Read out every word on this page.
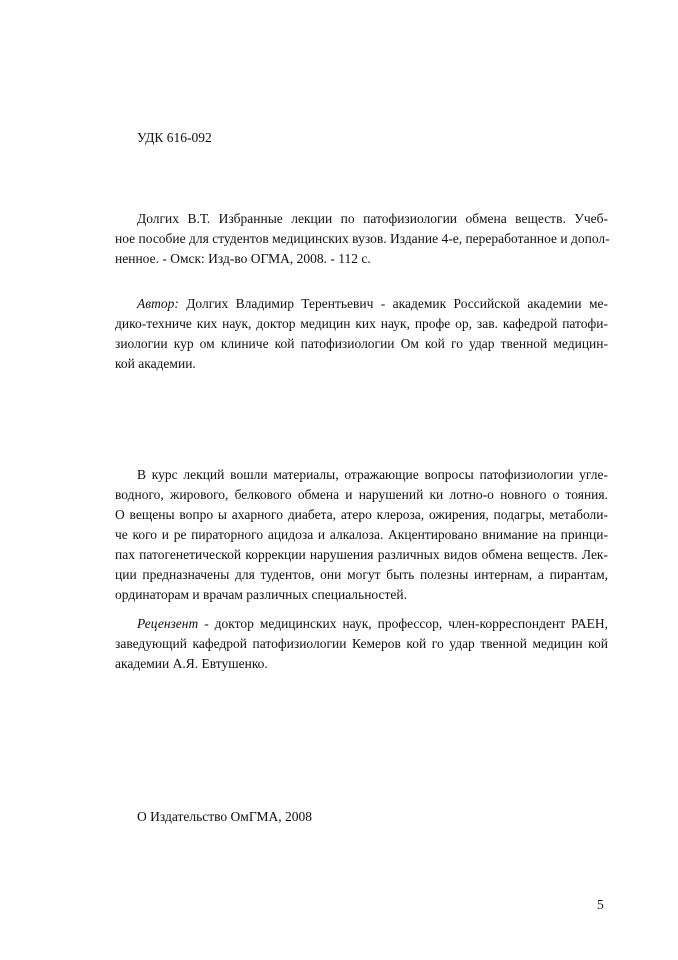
УДК 616-092
Долгих В.Т. Избранные лекции по патофизиологии обмена веществ. Учеб-
ное пособие для студентов медицинских вузов. Издание 4-е, переработанное и допол-
ненное. - Омск: Изд-во ОГМА, 2008. - 112 с.
Автор: Долгих Владимир Терентьевич - академик Российской академии ме-
дико-техниче ких наук, доктор медицин ких наук, профе ор, зав. кафедрой патофи-
зиологии кур ом клиниче кой патофизиологии Ом кой го удар твенной медицин-
кой академии.
В курс лекций вошли материалы, отражающие вопросы патофизиологии угле-
водного, жирового, белкового обмена и нарушений ки лотно-о новного о тояния.
О вещены вопро ы ахарного диабета, атеро клероза, ожирения, подагры, метаболи-
че кого и ре пираторного ацидоза и алкалоза. Акцентировано внимание на принци-
пах патогенетической коррекции нарушения различных видов обмена веществ. Лек-
ции предназначены для тудентов, они могут быть полезны интернам, а пирантам,
ординаторам и врачам различных специальностей.
Рецензент - доктор медицинских наук, профессор, член-корреспондент РАЕН,
заведующий кафедрой патофизиологии Кемеров кой го удар твенной медицин кой
академии А.Я. Евтушенко.
О Издательство ОмГМА, 2008
5
